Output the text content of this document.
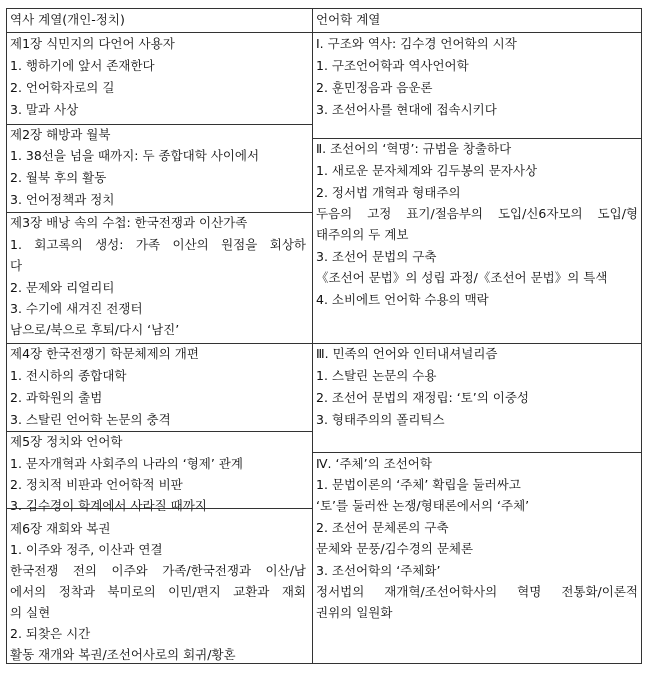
역사 계열(개인-정치)	언어학 계열
제1장 식민지의 다언어 사용자
1. 행하기에 앞서 존재한다
2. 언어학자로의 길
3. 말과 사상
제2장 해방과 월북
1. 38선을 넘을 때까지: 두 종합대학 사이에서
2. 월북 후의 활동
3. 언어정책과 정치
제3장 배낭 속의 수첩: 한국전쟁과 이산가족
1. 회고록의 생성: 가족 이산의 원점을 회상하
다
2. 문제와 리얼리티
3. 수기에 새겨진 전쟁터
남으로/북으로 후퇴/다시 ‘남진’
제4장 한국전쟁기 학문체제의 개편
1. 전시하의 종합대학
2. 과학원의 출범
3. 스탈린 언어학 논문의 충격
제5장 정치와 언어학
1. 문자개혁과 사회주의 나라의 ‘형제’ 관계
2. 정치적 비판과 언어학적 비판
3. 김수경이 학계에서 사라질 때까지
제6장 재회와 복권
1. 이주와 정주, 이산과 연결
한국전쟁 전의 이주와 가족/한국전쟁과 이산/남
에서의 정착과 북미로의 이민/편지 교환과 재회
의 실현
2. 되찾은 시간
활동 재개와 복권/조선어사로의 회귀/황혼
I. 구조와 역사: 김수경 언어학의 시작
1. 구조언어학과 역사언어학
2. 훈민정음과 음운론
3. 조선어사를 현대에 접속시키다
Ⅱ. 조선어의 ‘혁명’: 규범을 창출하다
1. 새로운 문자체계와 김두봉의 문자사상
2. 정서법 개혁과 형태주의
두음의 고정 표기/절음부의 도입/신6자모의 도입/형
태주의의 두 계보
3. 조선어 문법의 구축
《조선어 문법》의 성립 과정/《조선어 문법》의 특색
4. 소비에트 언어학 수용의 맥락
Ⅲ. 민족의 언어와 인터내셔널리즘
1. 스탈린 논문의 수용
2. 조선어 문법의 재정립: ‘토’의 이중성
3. 형태주의의 폴리틱스
Ⅳ. ‘주체’의 조선어학
1. 문법이론의 ‘주체’ 확립을 둘러싸고
‘토’를 둘러싼 논쟁/형태론에서의 ‘주체’
2. 조선어 문체론의 구축
문체와 문풍/김수경의 문체론
3. 조선어학의 ‘주체화’
정서법의 재개혁/조선어학사의 혁명 전통화/이론적
권위의 일원화
